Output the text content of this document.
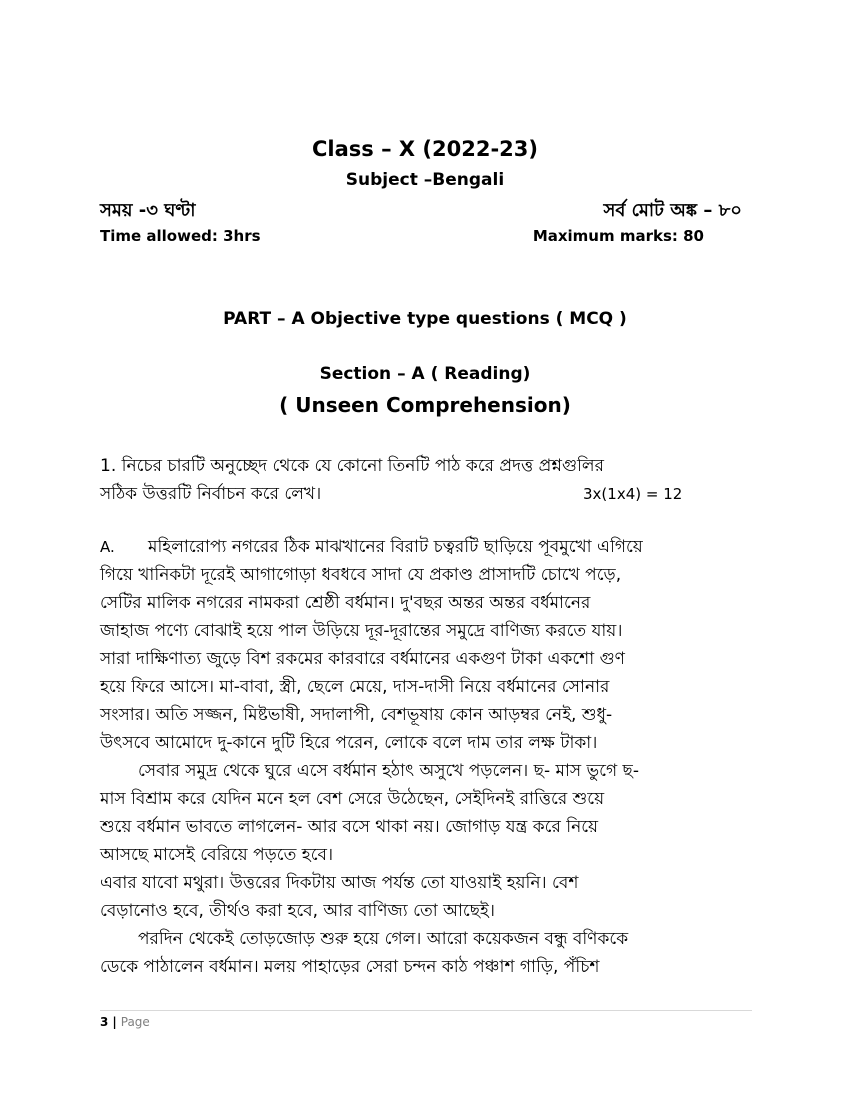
Class – X (2022-23)
Subject –Bengali
সময় -৩ ঘণ্টা	সর্ব মোট অঙ্ক – ৮০
Time allowed: 3hrs	Maximum marks: 80
PART – A Objective type questions ( MCQ )
Section – A ( Reading)
( Unseen Comprehension)
1. নিচের চারটি অনুচ্ছেদ থেকে যে কোনো তিনটি পাঠ করে প্রদত্ত প্রশ্নগুলির
সঠিক উত্তরটি নির্বাচন করে লেখ।	3x(1x4) = 12

A. মহিলারোপ্য নগরের ঠিক মাঝখানের বিরাট চত্বরটি ছাড়িয়ে পূবমুখো এগিয়ে

গিয়ে খানিকটা দূরেই আগাগোড়া ধবধবে সাদা যে প্রকাণ্ড প্রাসাদটি চোখে পড়ে,

সেটির মালিক নগরের নামকরা শ্রেষ্ঠী বর্ধমান। দু'বছর অন্তর অন্তর বর্ধমানের

জাহাজ পণ্যে বোঝাই হয়ে পাল উড়িয়ে দূর-দূরান্তের সমুদ্রে বাণিজ্য করতে যায়।

সারা দাক্ষিণাত্য জুড়ে বিশ রকমের কারবারে বর্ধমানের একগুণ টাকা একশো গুণ

হয়ে ফিরে আসে। মা-বাবা, স্ত্রী, ছেলে মেয়ে, দাস-দাসী নিয়ে বর্ধমানের সোনার

সংসার। অতি সজ্জন, মিষ্টভাষী, সদালাপী, বেশভূষায় কোন আড়ম্বর নেই, শুধু-

উৎসবে আমোদে দু-কানে দুটি হিরে পরেন, লোকে বলে দাম তার লক্ষ টাকা।

সেবার সমুদ্র থেকে ঘুরে এসে বর্ধমান হঠাৎ অসুখে পড়লেন। ছ- মাস ভুগে ছ-

মাস বিশ্রাম করে যেদিন মনে হল বেশ সেরে উঠেছেন, সেইদিনই রাত্তিরে শুয়ে

শুয়ে বর্ধমান ভাবতে লাগলেন- আর বসে থাকা নয়। জোগাড় যন্ত্র করে নিয়ে

আসছে মাসেই বেরিয়ে পড়তে হবে।

এবার যাবো মথুরা। উত্তরের দিকটায় আজ পর্যন্ত তো যাওয়াই হয়নি। বেশ

বেড়ানোও হবে, তীর্থও করা হবে, আর বাণিজ্য তো আছেই।

পরদিন থেকেই তোড়জোড় শুরু হয়ে গেল। আরো কয়েকজন বন্ধু বণিককে

ডেকে পাঠালেন বর্ধমান। মলয় পাহাড়ের সেরা চন্দন কাঠ পঞ্চাশ গাড়ি, পঁচিশ

3 | Page
